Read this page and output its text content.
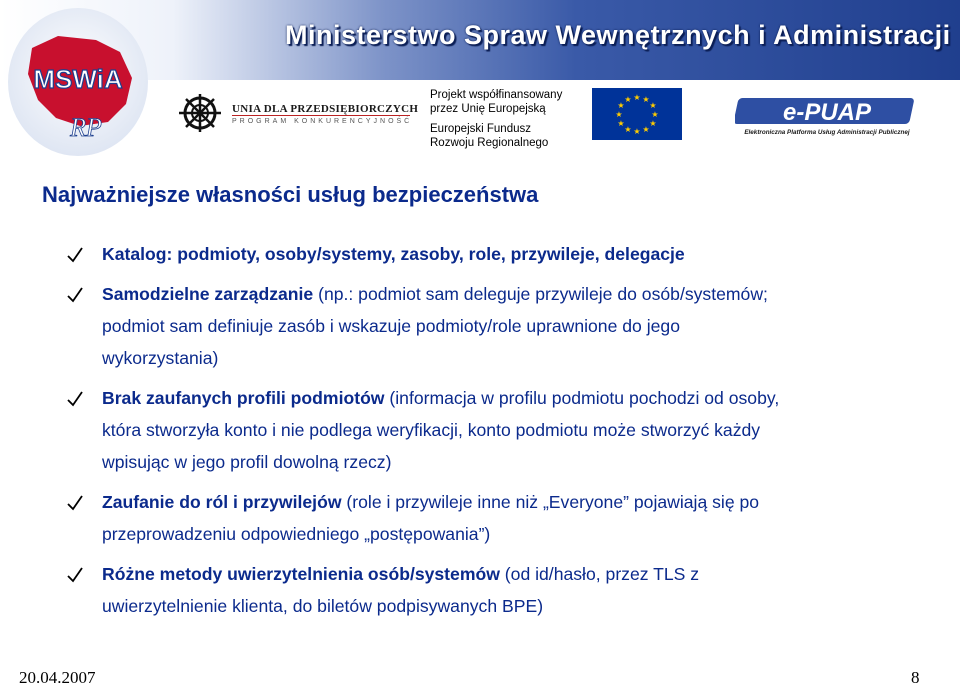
Ministerstwo Spraw Wewnętrznych i Administracji
MSWiA
RP
UNIA DLA PRZEDSIĘBIORCZYCH
PROGRAM KONKURENCYJNOŚĆ
Projekt współfinansowany
przez Unię Europejską
Europejski Fundusz
Rozwoju Regionalnego
★ ★
★
★
★
★
★
★
★
★
★
★	e-PUAP
Elektroniczna Platforma Usług Administracji Publicznej
Najważniejsze własności usług bezpieczeństwa
Katalog: podmioty, osoby/systemy, zasoby, role, przywileje, delegacje
Samodzielne zarządzanie (np.: podmiot sam deleguje przywileje do osób/systemów;
podmiot sam definiuje zasób i wskazuje podmioty/role uprawnione do jego
wykorzystania)
Brak zaufanych profili podmiotów (informacja w profilu podmiotu pochodzi od osoby,
która stworzyła konto i nie podlega weryfikacji, konto podmiotu może stworzyć każdy
wpisując w jego profil dowolną rzecz)
Zaufanie do ról i przywilejów (role i przywileje inne niż „Everyone” pojawiają się po
przeprowadzeniu odpowiedniego „postępowania”)
Różne metody uwierzytelnienia osób/systemów (od id/hasło, przez TLS z
uwierzytelnienie klienta, do biletów podpisywanych BPE)
20.04.2007	8
